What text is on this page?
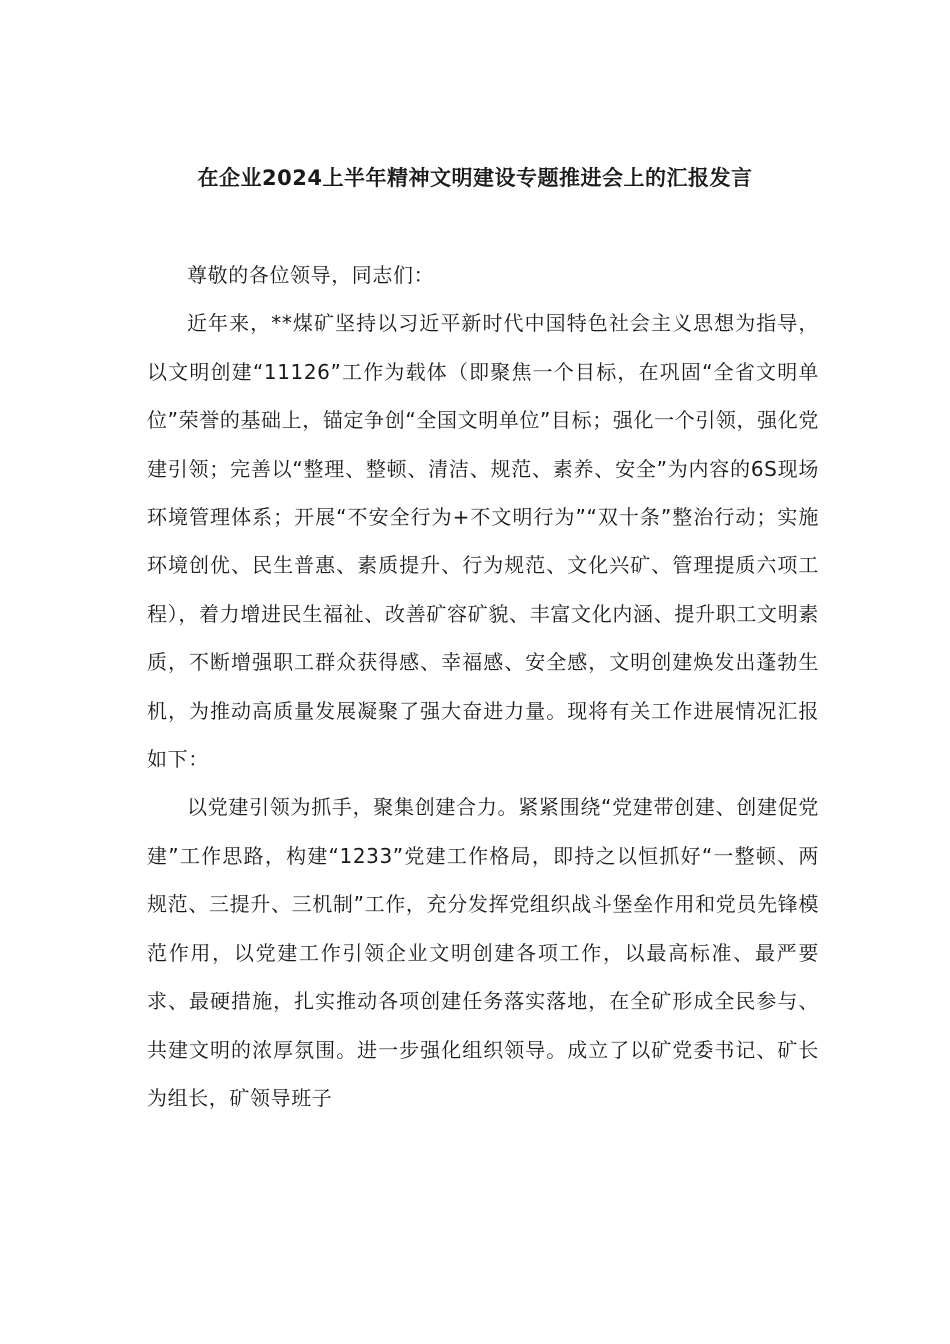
在企业2024上半年精神文明建设专题推进会上的汇报发言

尊敬的各位领导，同志们：

近年来，**煤矿坚持以习近平新时代中国特色社会主义思想为指导，以文明创建“11126”工作为载体（即聚焦一个目标，在巩固“全省文明单位”荣誉的基础上，锚定争创“全国文明单位”目标；强化一个引领，强化党建引领；完善以“整理、整顿、清洁、规范、素养、安全”为内容的6S现场环境管理体系；开展“不安全行为+不文明行为”“双十条”整治行动；实施环境创优、民生普惠、素质提升、行为规范、文化兴矿、管理提质六项工程），着力增进民生福祉、改善矿容矿貌、丰富文化内涵、提升职工文明素质，不断增强职工群众获得感、幸福感、安全感，文明创建焕发出蓬勃生机，为推动高质量发展凝聚了强大奋进力量。现将有关工作进展情况汇报如下：

以党建引领为抓手，聚集创建合力。紧紧围绕“党建带创建、创建促党建”工作思路，构建“1233”党建工作格局，即持之以恒抓好“一整顿、两规范、三提升、三机制”工作，充分发挥党组织战斗堡垒作用和党员先锋模范作用，以党建工作引领企业文明创建各项工作，以最高标准、最严要求、最硬措施，扎实推动各项创建任务落实落地，在全矿形成全民参与、共建文明的浓厚氛围。进一步强化组织领导。成立了以矿党委书记、矿长为组长，矿领导班子
